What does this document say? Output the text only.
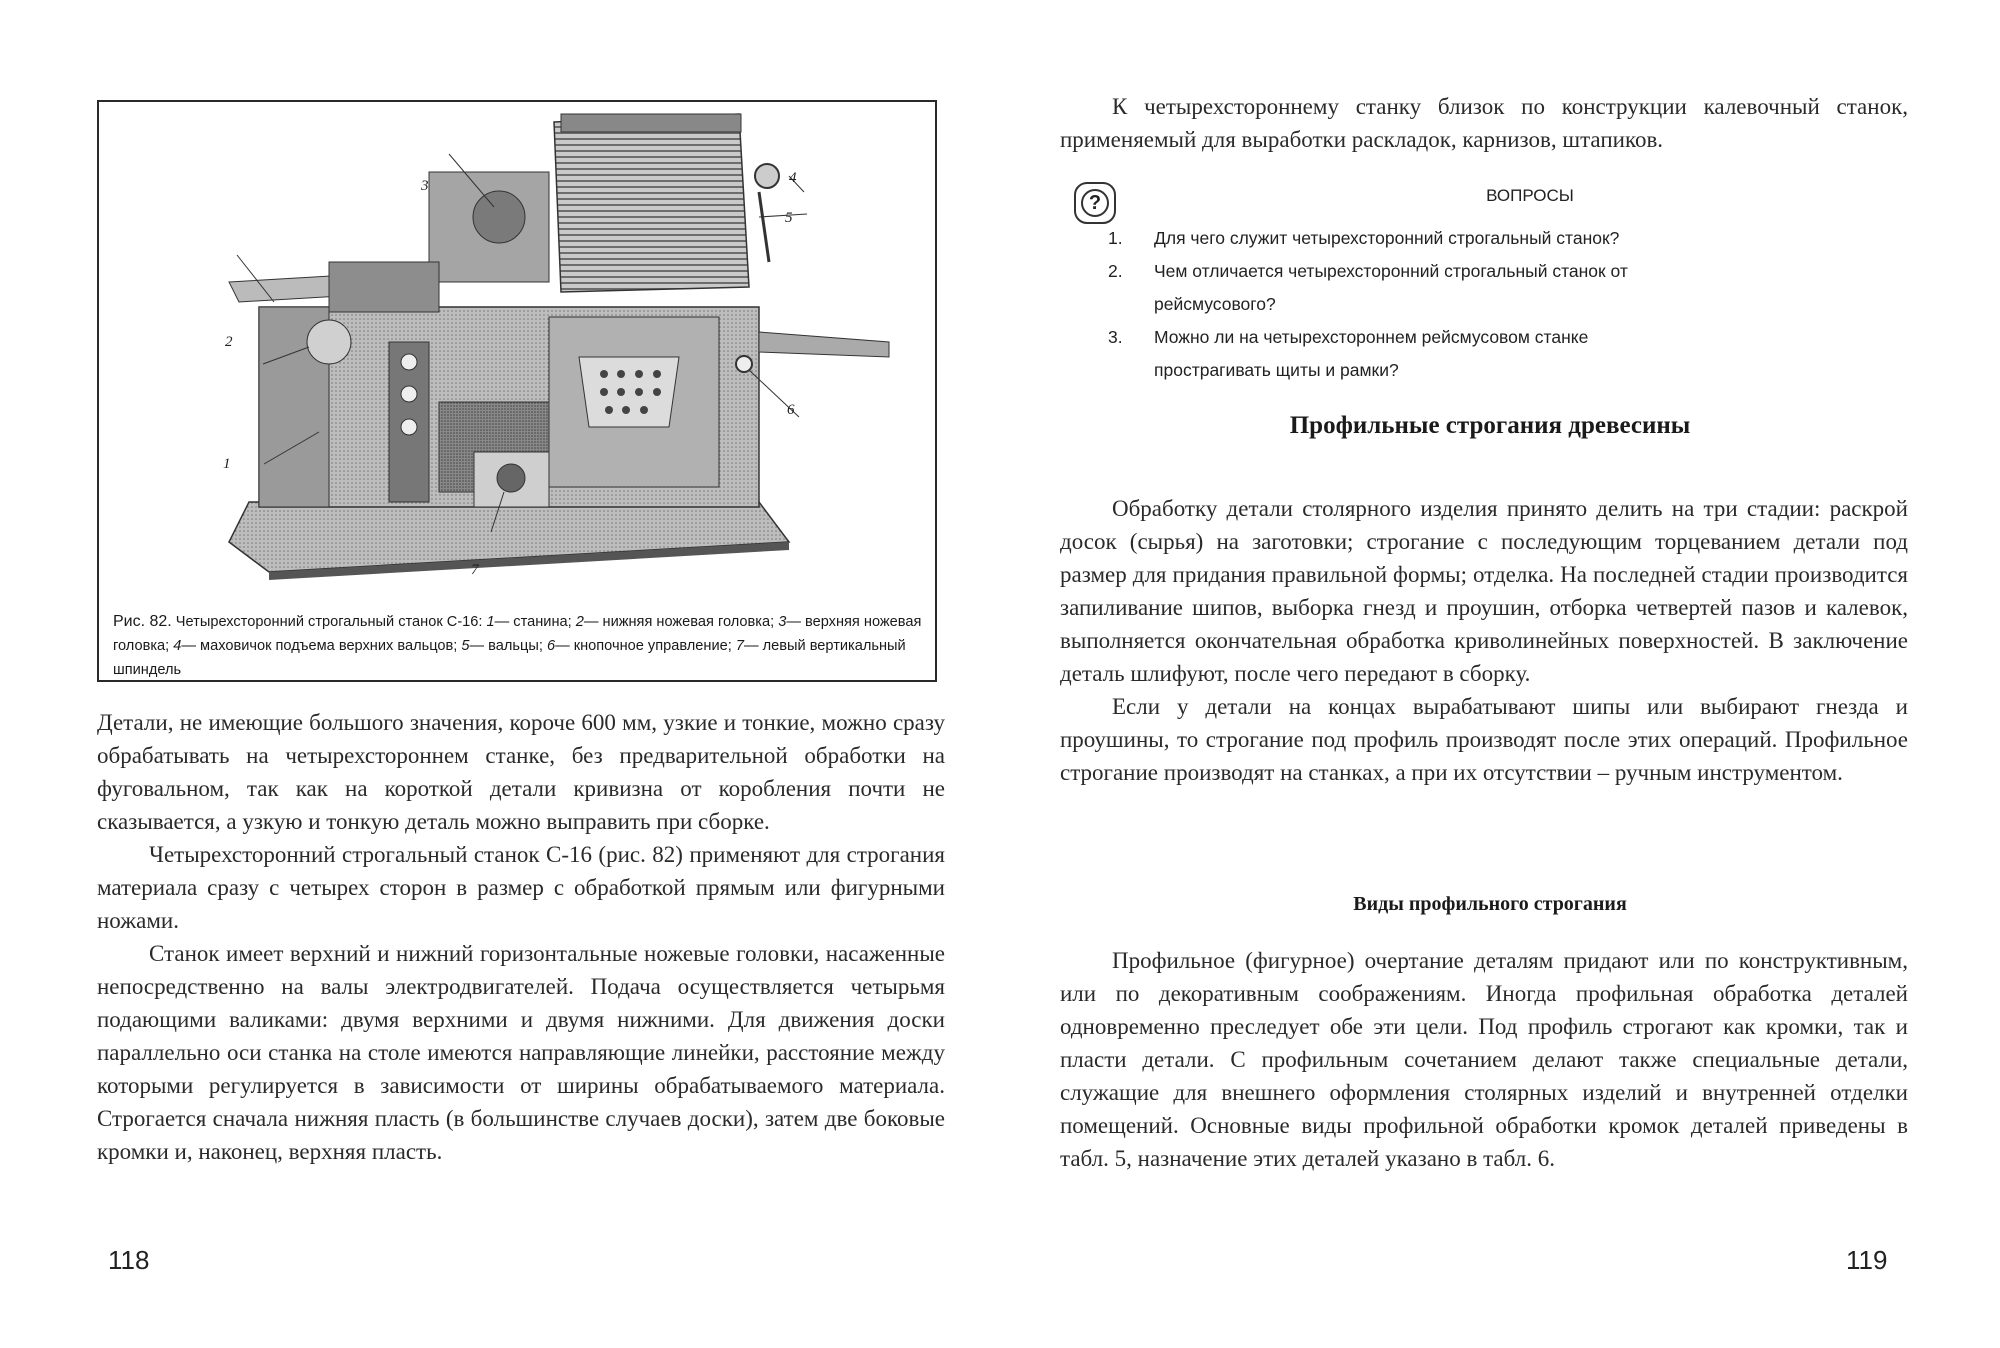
1
2
3	4
5
6
7
Рис. 82. Четырехсторонний строгальный станок С-16: 1— станина; 2— нижняя ножевая головка; 3— верхняя ножевая головка; 4— маховичок подъема верхних вальцов; 5— вальцы; 6— кнопочное управление; 7— левый вертикальный шпиндель

Детали, не имеющие большого значения, короче 600 мм, узкие и тонкие, можно сразу обрабатывать на четырехстороннем станке, без предварительной обработки на фуговальном, так как на короткой детали кривизна от коробления почти не сказывается, а узкую и тонкую деталь можно выправить при сборке.

Четырехсторонний строгальный станок С-16 (рис. 82) применяют для строгания материала сразу с четырех сторон в размер с обработкой прямым или фигурными ножами.

Станок имеет верхний и нижний горизонтальные ножевые головки, насаженные непосредственно на валы электродвигателей. Подача осуществляется четырьмя подающими валиками: двумя верхними и двумя нижними. Для движения доски параллельно оси станка на столе имеются направляющие линейки, расстояние между которыми регулируется в зависимости от ширины обрабатываемого материала. Строгается сначала нижняя пласть (в большинстве случаев доски), затем две боковые кромки и, наконец, верхняя пласть.

118

К четырехстороннему станку близок по конструкции калевочный станок, применяемый для выработки раскладок, карнизов, штапиков.

?	ВОПРОСЫ
1. Для чего служит четырехсторонний строгальный станок?
2. Чем отличается четырехсторонний строгальный станок от рейсмусового?
3. Можно ли на четырехстороннем рейсмусовом станке прострагивать щиты и рамки?
Профильные строгания древесины

Обработку детали столярного изделия принято делить на три стадии: раскрой досок (сырья) на заготовки; строгание с последующим торцеванием детали под размер для придания правильной формы; отделка. На последней стадии производится запиливание шипов, выборка гнезд и проушин, отборка четвертей пазов и калевок, выполняется окончательная обработка криволинейных поверхностей. В заключение деталь шлифуют, после чего передают в сборку.

Если у детали на концах вырабатывают шипы или выбирают гнезда и проушины, то строгание под профиль производят после этих операций. Профильное строгание производят на станках, а при их отсутствии – ручным инструментом.

Виды профильного строгания

Профильное (фигурное) очертание деталям придают или по конструктивным, или по декоративным соображениям. Иногда профильная обработка деталей одновременно преследует обе эти цели. Под профиль строгают как кромки, так и пласти детали. С профильным сочетанием делают также специальные детали, служащие для внешнего оформления столярных изделий и внутренней отделки помещений. Основные виды профильной обработки кромок деталей приведены в табл. 5, назначение этих деталей указано в табл. 6.

119
